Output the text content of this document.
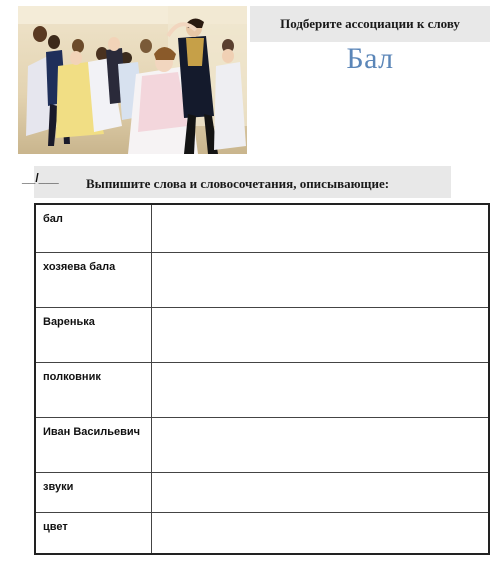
Подберите ассоциации к слову
Бал
__/___ Выпишите слова и словосочетания, описывающие:
бал	
хозяева бала	
Варенька	
полковник	
Иван Васильевич	
звуки	
цвет	
